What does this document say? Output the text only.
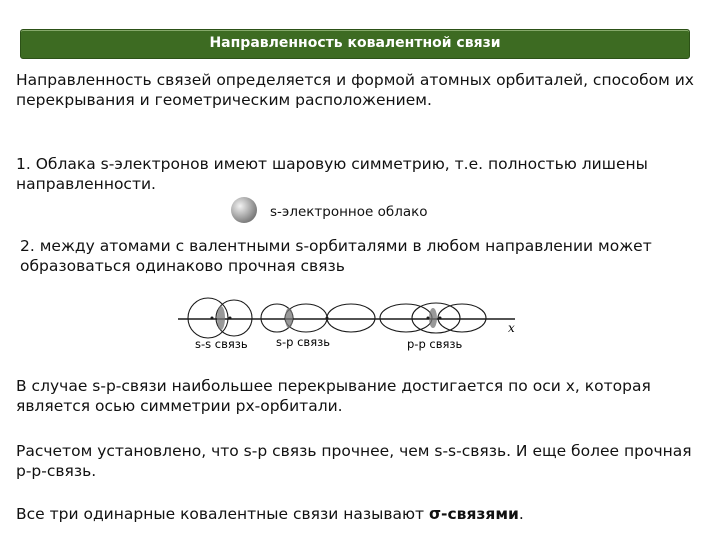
Направленность ковалентной связи
Направленность связей определяется и формой атомных орбиталей, способом их перекрывания и геометрическим расположением.
1. Облака s-электронов имеют шаровую симметрию, т.е. полностью лишены направленности.
s-электронное облако
2. между атомами с валентными s-орбиталями в любом направлении может образоваться одинаково прочная связь
x
s-s связь s-p связь	p-p связь
В случае s-p-связи наибольшее перекрывание достигается по оси x, которая является осью симметрии px-орбитали.
Расчетом установлено, что s-p связь прочнее, чем s-s-связь. И еще более прочная р-р-связь.
Все три одинарные ковалентные связи называют σ-связями.
